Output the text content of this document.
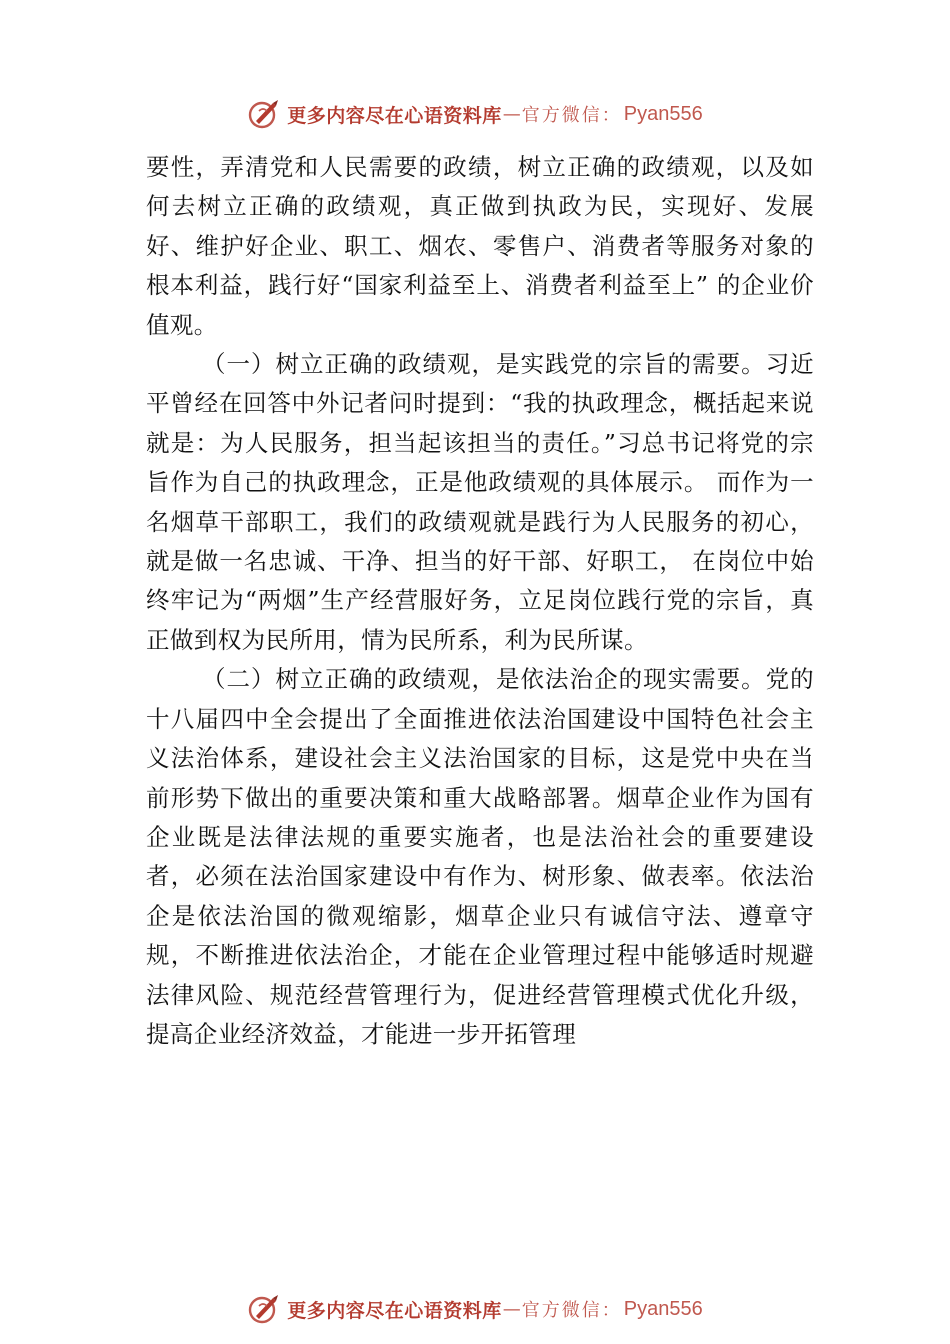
更多内容尽在心语资料库 — 官方微信： Pyan556

要性，弄清党和人民需要的政绩，树立正确的政绩观，以及如何去树立正确的政绩观，真正做到执政为民，实现好、发展好、维护好企业、职工、烟农、零售户、消费者等服务对象的根本利益，践行好“国家利益至上、消费者利益至上” 的企业价值观。

（一）树立正确的政绩观，是实践党的宗旨的需要。习近平曾经在回答中外记者问时提到：“我的执政理念，概括起来说就是：为人民服务，担当起该担当的责任。”习总书记将党的宗旨作为自己的执政理念，正是他政绩观的具体展示。 而作为一名烟草干部职工，我们的政绩观就是践行为人民服务的初心，就是做一名忠诚、干净、担当的好干部、好职工， 在岗位中始终牢记为“两烟”生产经营服好务，立足岗位践行党的宗旨，真正做到权为民所用，情为民所系，利为民所谋。

（二）树立正确的政绩观，是依法治企的现实需要。党的十八届四中全会提出了全面推进依法治国建设中国特色社会主义法治体系，建设社会主义法治国家的目标，这是党中央在当前形势下做出的重要决策和重大战略部署。烟草企业作为国有企业既是法律法规的重要实施者，也是法治社会的重要建设者，必须在法治国家建设中有作为、树形象、做表率。依法治企是依法治国的微观缩影，烟草企业只有诚信守法、遵章守规，不断推进依法治企，才能在企业管理过程中能够适时规避法律风险、规范经营管理行为，促进经营管理模式优化升级，提高企业经济效益，才能进一步开拓管理

更多内容尽在心语资料库 — 官方微信： Pyan556
